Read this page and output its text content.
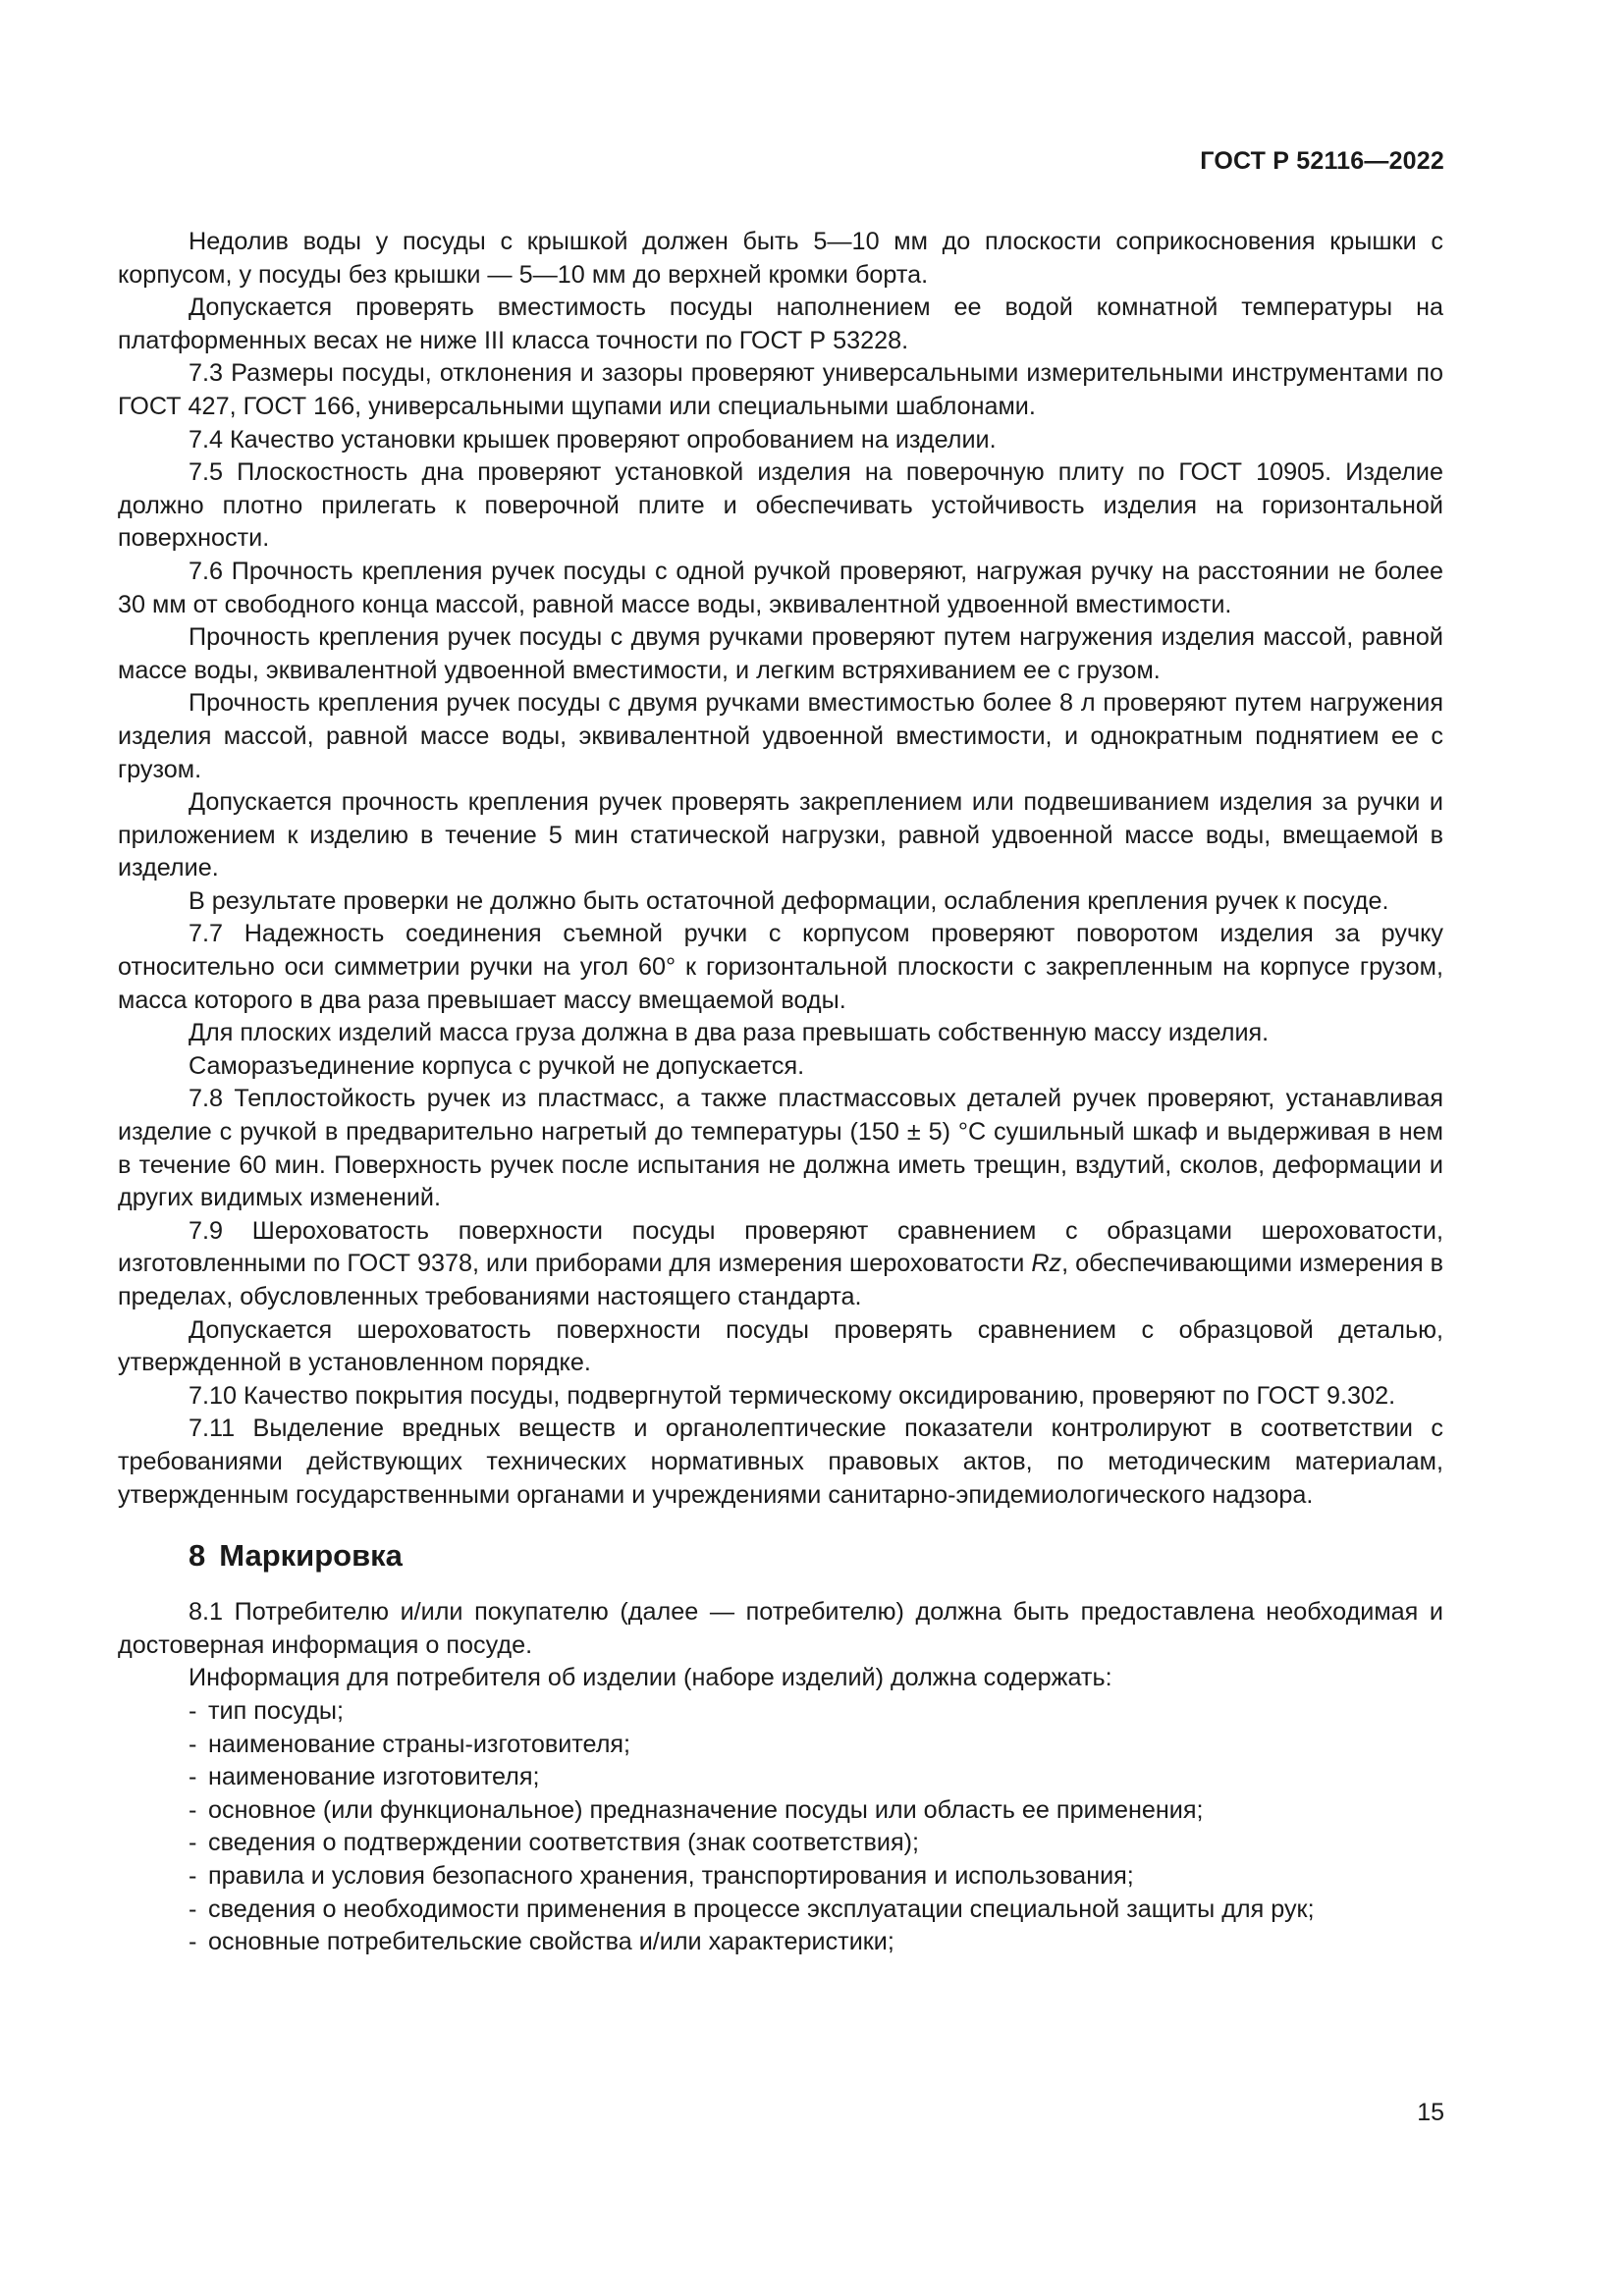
ГОСТ Р 52116—2022

Недолив воды у посуды с крышкой должен быть 5—10 мм до плоскости соприкосновения крышки с корпусом, у посуды без крышки — 5—10 мм до верхней кромки борта.

Допускается проверять вместимость посуды наполнением ее водой комнатной температуры на платформенных весах не ниже III класса точности по ГОСТ Р 53228.

7.3 Размеры посуды, отклонения и зазоры проверяют универсальными измерительными инструментами по ГОСТ 427, ГОСТ 166, универсальными щупами или специальными шаблонами.

7.4 Качество установки крышек проверяют опробованием на изделии.

7.5 Плоскостность дна проверяют установкой изделия на поверочную плиту по ГОСТ 10905. Изделие должно плотно прилегать к поверочной плите и обеспечивать устойчивость изделия на горизонтальной поверхности.

7.6 Прочность крепления ручек посуды с одной ручкой проверяют, нагружая ручку на расстоянии не более 30 мм от свободного конца массой, равной массе воды, эквивалентной удвоенной вместимости.

Прочность крепления ручек посуды с двумя ручками проверяют путем нагружения изделия массой, равной массе воды, эквивалентной удвоенной вместимости, и легким встряхиванием ее с грузом.

Прочность крепления ручек посуды с двумя ручками вместимостью более 8 л проверяют путем нагружения изделия массой, равной массе воды, эквивалентной удвоенной вместимости, и однократным поднятием ее с грузом.

Допускается прочность крепления ручек проверять закреплением или подвешиванием изделия за ручки и приложением к изделию в течение 5 мин статической нагрузки, равной удвоенной массе воды, вмещаемой в изделие.

В результате проверки не должно быть остаточной деформации, ослабления крепления ручек к посуде.

7.7 Надежность соединения съемной ручки с корпусом проверяют поворотом изделия за ручку относительно оси симметрии ручки на угол 60° к горизонтальной плоскости с закрепленным на корпусе грузом, масса которого в два раза превышает массу вмещаемой воды.

Для плоских изделий масса груза должна в два раза превышать собственную массу изделия.

Саморазъединение корпуса с ручкой не допускается.

7.8 Теплостойкость ручек из пластмасс, а также пластмассовых деталей ручек проверяют, устанавливая изделие с ручкой в предварительно нагретый до температуры (150 ± 5) °С сушильный шкаф и выдерживая в нем в течение 60 мин. Поверхность ручек после испытания не должна иметь трещин, вздутий, сколов, деформации и других видимых изменений.

7.9 Шероховатость поверхности посуды проверяют сравнением с образцами шероховатости, изготовленными по ГОСТ 9378, или приборами для измерения шероховатости Rz, обеспечивающими измерения в пределах, обусловленных требованиями настоящего стандарта.

Допускается шероховатость поверхности посуды проверять сравнением с образцовой деталью, утвержденной в установленном порядке.

7.10 Качество покрытия посуды, подвергнутой термическому оксидированию, проверяют по ГОСТ 9.302.

7.11 Выделение вредных веществ и органолептические показатели контролируют в соответствии с требованиями действующих технических нормативных правовых актов, по методическим материалам, утвержденным государственными органами и учреждениями санитарно-эпидемиологического надзора.

8 Маркировка

8.1 Потребителю и/или покупателю (далее — потребителю) должна быть предоставлена необходимая и достоверная информация о посуде.

Информация для потребителя об изделии (наборе изделий) должна содержать:

- тип посуды;
- наименование страны-изготовителя;
- наименование изготовителя;
- основное (или функциональное) предназначение посуды или область ее применения;
- сведения о подтверждении соответствия (знак соответствия);
- правила и условия безопасного хранения, транспортирования и использования;
- сведения о необходимости применения в процессе эксплуатации специальной защиты для рук;
- основные потребительские свойства и/или характеристики;
15
